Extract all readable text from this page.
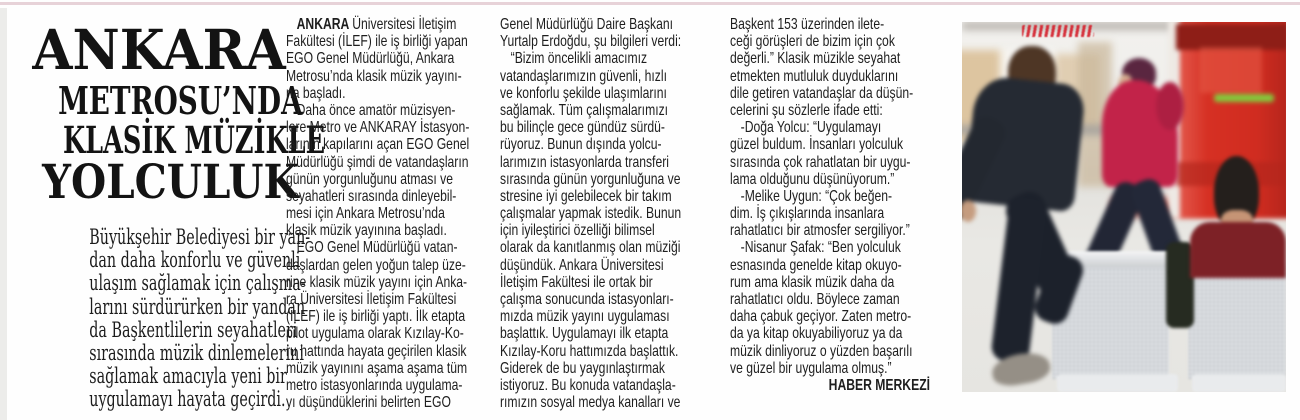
ANKARA
METROSU’NDA
KLASİK MÜZİKLE
YOLCULUK
Büyükşehir Belediyesi bir yan-
dan daha konforlu ve güvenli
ulaşım sağlamak için çalışma-
larını sürdürürken bir yandan
da Başkentlilerin seyahatleri
sırasında müzik dinlemelerini
sağlamak amacıyla yeni bir
uygulamayı hayata geçirdi.
ANKARA Üniversitesi İletişim
Fakültesi (İLEF) ile iş birliği yapan
EGO Genel Müdürlüğü, Ankara
Metrosu’nda klasik müzik yayını-
na başladı.
Daha önce amatör müzisyen-
lere Metro ve ANKARAY İstasyon-
larının kapılarını açan EGO Genel
Müdürlüğü şimdi de vatandaşların
günün yorgunluğunu atması ve
seyahatleri sırasında dinleyebil-
mesi için Ankara Metrosu’nda
klasik müzik yayınına başladı.
EGO Genel Müdürlüğü vatan-
daşlardan gelen yoğun talep üze-
rine klasik müzik yayını için Anka-
ra Üniversitesi İletişim Fakültesi
(İLEF) ile iş birliği yaptı. İlk etapta
pilot uygulama olarak Kızılay-Ko-
ru hattında hayata geçirilen klasik
müzik yayınını aşama aşama tüm
metro istasyonlarında uygulama-
yı düşündüklerini belirten EGO
Genel Müdürlüğü Daire Başkanı
Yurtalp Erdoğdu, şu bilgileri verdi:
“Bizim öncelikli amacımız
vatandaşlarımızın güvenli, hızlı
ve konforlu şekilde ulaşımlarını
sağlamak. Tüm çalışmalarımızı
bu bilinçle gece gündüz sürdü-
rüyoruz. Bunun dışında yolcu-
larımızın istasyonlarda transferi
sırasında günün yorgunluğuna ve
stresine iyi gelebilecek bir takım
çalışmalar yapmak istedik. Bunun
için iyileştirici özelliği bilimsel
olarak da kanıtlanmış olan müziği
düşündük. Ankara Üniversitesi
İletişim Fakültesi ile ortak bir
çalışma sonucunda istasyonları-
mızda müzik yayını uygulaması
başlattık. Uygulamayı ilk etapta
Kızılay-Koru hattımızda başlattık.
Giderek de bu yaygınlaştırmak
istiyoruz. Bu konuda vatandaşla-
rımızın sosyal medya kanalları ve
Başkent 153 üzerinden ilete-
ceği görüşleri de bizim için çok
değerli.” Klasik müzikle seyahat
etmekten mutluluk duyduklarını
dile getiren vatandaşlar da düşün-
celerini şu sözlerle ifade etti:
-Doğa Yolcu: “Uygulamayı
güzel buldum. İnsanları yolculuk
sırasında çok rahatlatan bir uygu-
lama olduğunu düşünüyorum.”
-Melike Uygun: “Çok beğen-
dim. İş çıkışlarında insanlara
rahatlatıcı bir atmosfer sergiliyor.”
-Nisanur Şafak: “Ben yolculuk
esnasında genelde kitap okuyo-
rum ama klasik müzik daha da
rahatlatıcı oldu. Böylece zaman
daha çabuk geçiyor. Zaten metro-
da ya kitap okuyabiliyoruz ya da
müzik dinliyoruz o yüzden başarılı
ve güzel bir uygulama olmuş.”
HABER MERKEZİ
